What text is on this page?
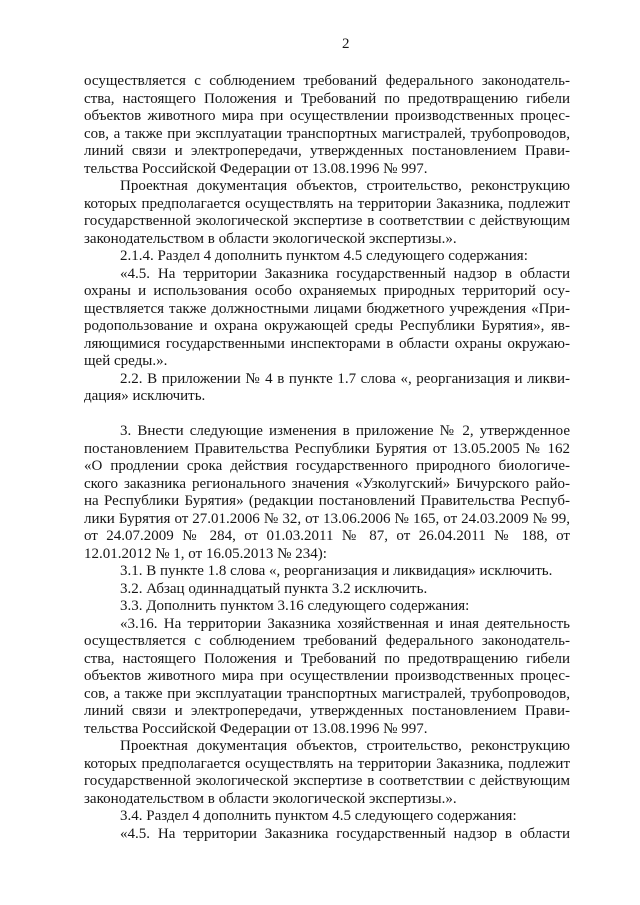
2
осуществляется с соблюдением требований федерального законодатель-
ства, настоящего Положения и Требований по предотвращению гибели
объектов животного мира при осуществлении производственных процес-
сов, а также при эксплуатации транспортных магистралей, трубопроводов,
линий связи и электропередачи, утвержденных постановлением Прави-
тельства Российской Федерации от 13.08.1996 № 997.
Проектная документация объектов, строительство, реконструкцию
которых предполагается осуществлять на территории Заказника, подлежит
государственной экологической экспертизе в соответствии с действующим
законодательством в области экологической экспертизы.».
2.1.4. Раздел 4 дополнить пунктом 4.5 следующего содержания:
«4.5. На территории Заказника государственный надзор в области
охраны и использования особо охраняемых природных территорий осу-
ществляется также должностными лицами бюджетного учреждения «При-
родопользование и охрана окружающей среды Республики Бурятия», яв-
ляющимися государственными инспекторами в области охраны окружаю-
щей среды.».
2.2. В приложении № 4 в пункте 1.7 слова «, реорганизация и ликви-
дация» исключить.
3. Внести следующие изменения в приложение № 2, утвержденное
постановлением Правительства Республики Бурятия от 13.05.2005 № 162
«О продлении срока действия государственного природного биологиче-
ского заказника регионального значения «Узколугский» Бичурского райо-
на Республики Бурятия» (редакции постановлений Правительства Респуб-
лики Бурятия от 27.01.2006 № 32, от 13.06.2006 № 165, от 24.03.2009 № 99,
от 24.07.2009 № 284, от 01.03.2011 № 87, от 26.04.2011 № 188, от
12.01.2012 № 1, от 16.05.2013 № 234):
3.1. В пункте 1.8 слова «, реорганизация и ликвидация» исключить.
3.2. Абзац одиннадцатый пункта 3.2 исключить.
3.3. Дополнить пунктом 3.16 следующего содержания:
«3.16. На территории Заказника хозяйственная и иная деятельность
осуществляется с соблюдением требований федерального законодатель-
ства, настоящего Положения и Требований по предотвращению гибели
объектов животного мира при осуществлении производственных процес-
сов, а также при эксплуатации транспортных магистралей, трубопроводов,
линий связи и электропередачи, утвержденных постановлением Прави-
тельства Российской Федерации от 13.08.1996 № 997.
Проектная документация объектов, строительство, реконструкцию
которых предполагается осуществлять на территории Заказника, подлежит
государственной экологической экспертизе в соответствии с действующим
законодательством в области экологической экспертизы.».
3.4. Раздел 4 дополнить пунктом 4.5 следующего содержания:
«4.5. На территории Заказника государственный надзор в области
